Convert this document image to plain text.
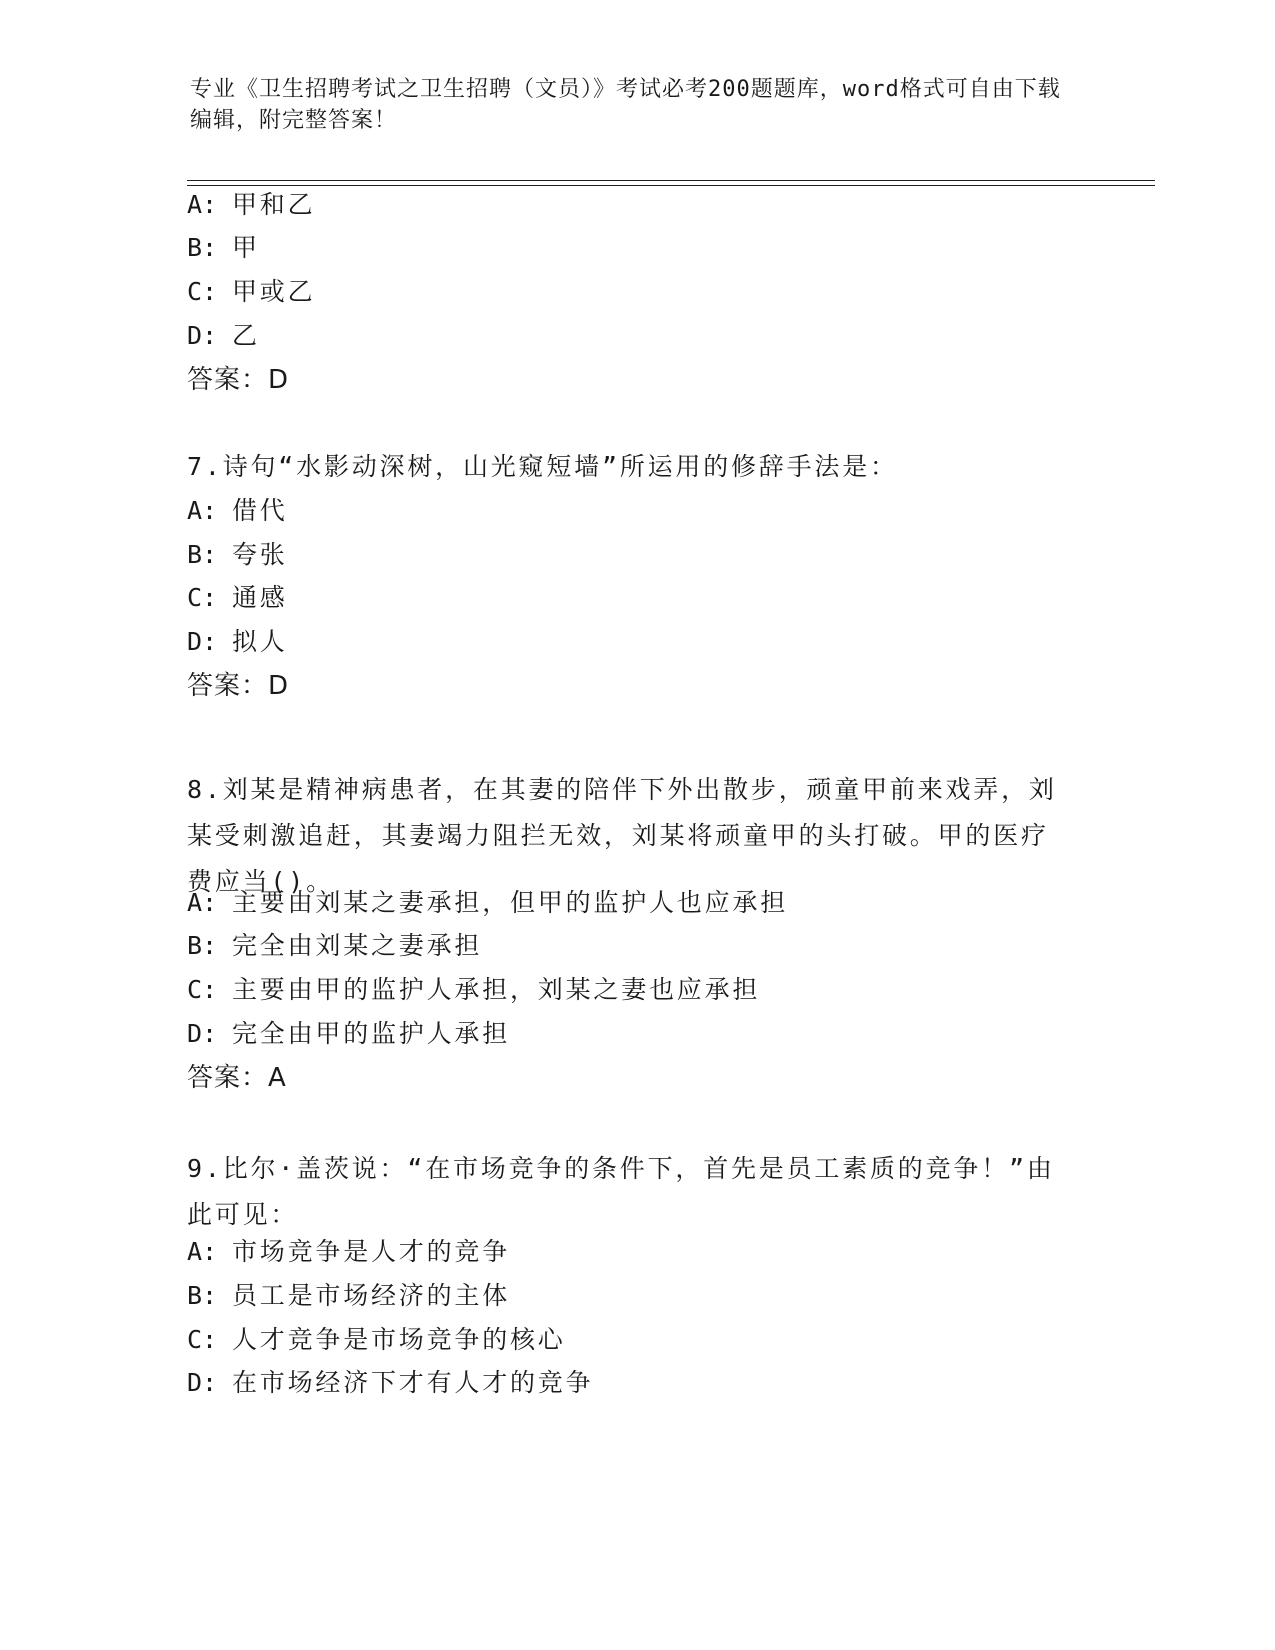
专业《卫生招聘考试之卫生招聘（文员）》考试必考200题题库，word格式可自由下载编辑，附完整答案！
A: 甲和乙
B: 甲
C: 甲或乙
D: 乙
答案：D
7.诗句“水影动深树，山光窥短墙”所运用的修辞手法是：
A: 借代
B: 夸张
C: 通感
D: 拟人
答案：D
8.刘某是精神病患者，在其妻的陪伴下外出散步，顽童甲前来戏弄，刘某受刺激追赶，其妻竭力阻拦无效，刘某将顽童甲的头打破。甲的医疗费应当()。
A: 主要由刘某之妻承担，但甲的监护人也应承担
B: 完全由刘某之妻承担
C: 主要由甲的监护人承担，刘某之妻也应承担
D: 完全由甲的监护人承担
答案：A
9.比尔·盖茨说：“在市场竞争的条件下，首先是员工素质的竞争！”由此可见：
A: 市场竞争是人才的竞争
B: 员工是市场经济的主体
C: 人才竞争是市场竞争的核心
D: 在市场经济下才有人才的竞争
